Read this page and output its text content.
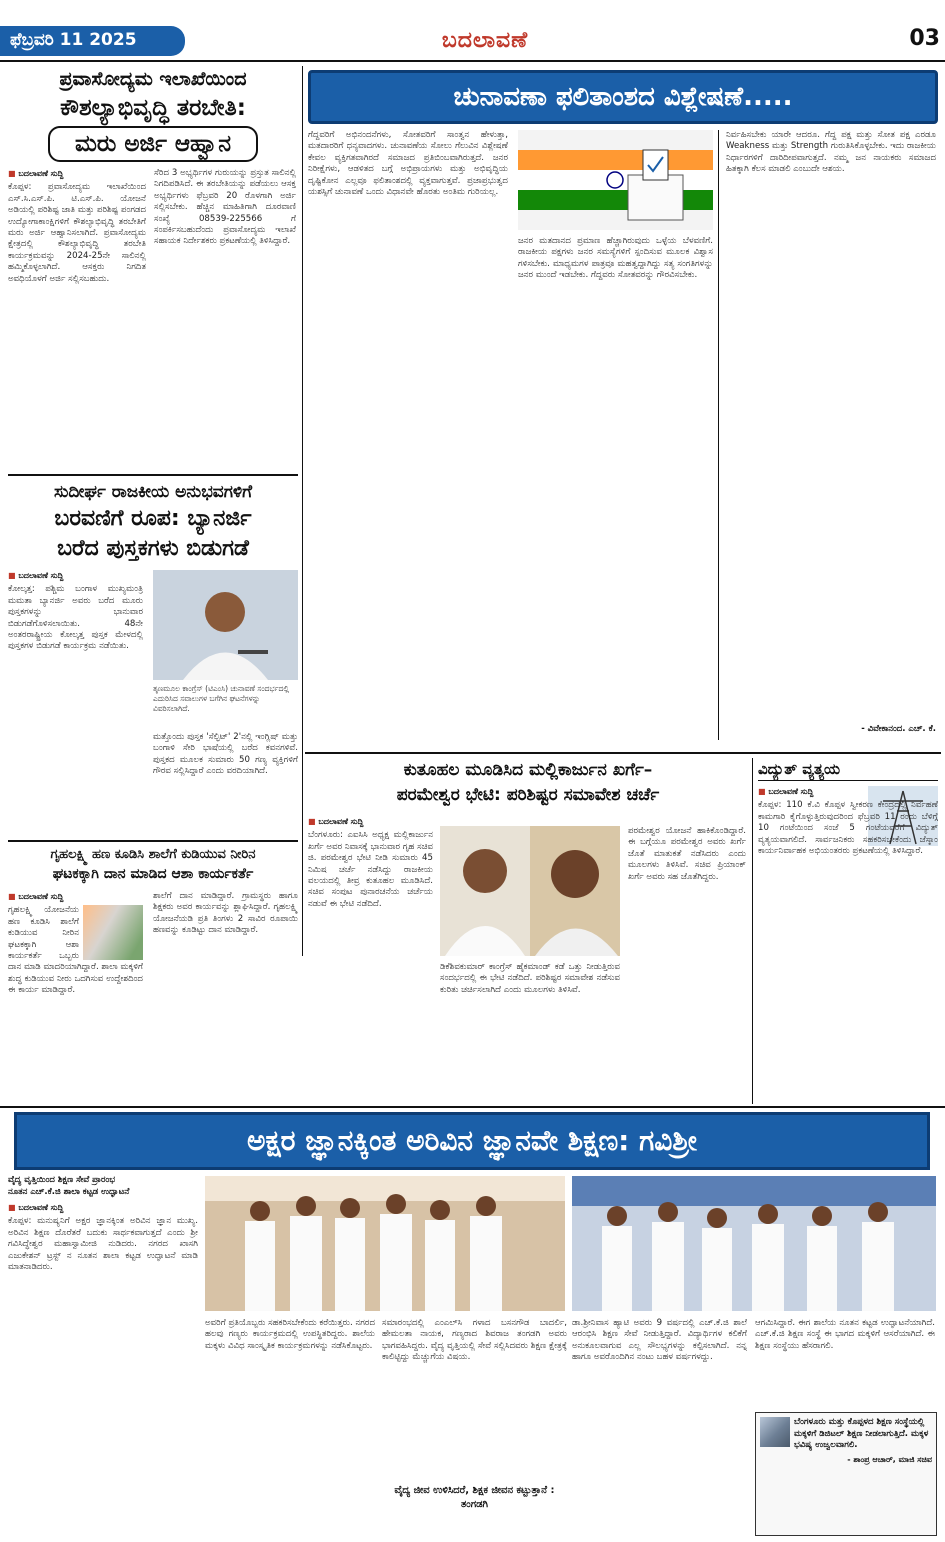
ಫೆಬ್ರವರಿ 11 2025	ಬದಲಾವಣೆ	03
ಪ್ರವಾಸೋದ್ಯಮ ಇಲಾಖೆಯಿಂದ
ಕೌಶಲ್ಯಾಭಿವೃದ್ಧಿ ತರಬೇತಿ:
ಮರು ಅರ್ಜಿ ಆಹ್ವಾನ
■ ಬದಲಾವಣೆ ಸುದ್ದಿ

ಕೊಪ್ಪಳ: ಪ್ರವಾಸೋದ್ಯಮ ಇಲಾಖೆಯಿಂದ ಎಸ್.ಸಿ.ಎಸ್.ಪಿ. ಟಿ.ಎಸ್.ಪಿ. ಯೋಜನೆ ಅಡಿಯಲ್ಲಿ ಪರಿಶಿಷ್ಟ ಜಾತಿ ಮತ್ತು ಪರಿಶಿಷ್ಟ ಪಂಗಡದ ಉದ್ಯೋಗಾಕಾಂಕ್ಷಿಗಳಿಗೆ ಕೌಶಲ್ಯಾಭಿವೃದ್ಧಿ ತರಬೇತಿಗೆ ಮರು ಅರ್ಜಿ ಆಹ್ವಾನಿಸಲಾಗಿದೆ. ಪ್ರವಾಸೋದ್ಯಮ ಕ್ಷೇತ್ರದಲ್ಲಿ ಕೌಶಲ್ಯಾಭಿವೃದ್ಧಿ ತರಬೇತಿ ಕಾರ್ಯಕ್ರಮವನ್ನು 2024-25ನೇ ಸಾಲಿನಲ್ಲಿ ಹಮ್ಮಿಕೊಳ್ಳಲಾಗಿದೆ. ಆಸಕ್ತರು ನಿಗದಿತ ಅವಧಿಯೊಳಗೆ ಅರ್ಜಿ ಸಲ್ಲಿಸಬಹುದು.

ಸೆರಿದ 3 ಅಭ್ಯರ್ಥಿಗಳ ಗುರುಯನ್ನು ಪ್ರಸ್ತುತ ಸಾಲಿನಲ್ಲಿ ನಿಗದಿಪಡಿಸಿದೆ. ಈ ತರಬೇತಿಯನ್ನು ಪಡೆಯಲು ಆಸಕ್ತ ಅಭ್ಯರ್ಥಿಗಳು ಫೆಬ್ರವರಿ 20 ರೊಳಗಾಗಿ ಅರ್ಜಿ ಸಲ್ಲಿಸಬೇಕು. ಹೆಚ್ಚಿನ ಮಾಹಿತಿಗಾಗಿ ದೂರವಾಣಿ ಸಂಖ್ಯೆ 08539-225566 ಗೆ ಸಂಪರ್ಕಿಸಬಹುದೆಂದು ಪ್ರವಾಸೋದ್ಯಮ ಇಲಾಖೆ ಸಹಾಯಕ ನಿರ್ದೇಶಕರು ಪ್ರಕಟಣೆಯಲ್ಲಿ ತಿಳಿಸಿದ್ದಾರೆ.

ಚುನಾವಣಾ ಫಲಿತಾಂಶದ ವಿಶ್ಲೇಷಣೆ.....
ಗೆದ್ದವರಿಗೆ ಅಭಿನಂದನೆಗಳು, ಸೋತವರಿಗೆ ಸಾಂತ್ವನ ಹೇಳುತ್ತಾ, ಮತದಾರರಿಗೆ ಧನ್ಯವಾದಗಳು. ಚುನಾವಣೆಯ ಸೋಲು ಗೆಲುವಿನ ವಿಶ್ಲೇಷಣೆ ಕೇವಲ ವ್ಯಕ್ತಿಗತವಾಗಿರದೆ ಸಮಾಜದ ಪ್ರತಿಬಿಂಬವಾಗಿರುತ್ತದೆ. ಜನರ ನಿರೀಕ್ಷೆಗಳು, ಆಡಳಿತದ ಬಗ್ಗೆ ಅಭಿಪ್ರಾಯಗಳು ಮತ್ತು ಅಭಿವೃದ್ಧಿಯ ದೃಷ್ಟಿಕೋನ ಎಲ್ಲವೂ ಫಲಿತಾಂಶದಲ್ಲಿ ವ್ಯಕ್ತವಾಗುತ್ತವೆ. ಪ್ರಜಾಪ್ರಭುತ್ವದ ಯಶಸ್ಸಿಗೆ ಚುನಾವಣೆ ಒಂದು ವಿಧಾನವೇ ಹೊರತು ಅಂತಿಮ ಗುರಿಯಲ್ಲ.
ಜನರ ಮತದಾನದ ಪ್ರಮಾಣ ಹೆಚ್ಚಾಗಿರುವುದು ಒಳ್ಳೆಯ ಬೆಳವಣಿಗೆ. ರಾಜಕೀಯ ಪಕ್ಷಗಳು ಜನರ ಸಮಸ್ಯೆಗಳಿಗೆ ಸ್ಪಂದಿಸುವ ಮೂಲಕ ವಿಶ್ವಾಸ ಗಳಿಸಬೇಕು. ಮಾಧ್ಯಮಗಳ ಪಾತ್ರವೂ ಮಹತ್ವದ್ದಾಗಿದ್ದು ಸತ್ಯ ಸಂಗತಿಗಳನ್ನು ಜನರ ಮುಂದೆ ಇಡಬೇಕು. ಗೆದ್ದವರು ಸೋತವರನ್ನು ಗೌರವಿಸಬೇಕು.
ನಿರ್ವಹಿಸಬೇಕು ಯಾರೇ ಆದರೂ. ಗೆದ್ದ ಪಕ್ಷ ಮತ್ತು ಸೋತ ಪಕ್ಷ ಎರಡೂ Weakness ಮತ್ತು Strength ಗುರುತಿಸಿಕೊಳ್ಳಬೇಕು. ಇದು ರಾಜಕೀಯ ನಿರ್ಧಾರಗಳಿಗೆ ದಾರಿದೀಪವಾಗುತ್ತದೆ. ನಮ್ಮ ಜನ ನಾಯಕರು ಸಮಾಜದ ಹಿತಕ್ಕಾಗಿ ಕೆಲಸ ಮಾಡಲಿ ಎಂಬುದೇ ಆಶಯ.
- ವಿವೇಕಾನಂದ. ಎಚ್. ಕೆ.
ಸುದೀರ್ಘ ರಾಜಕೀಯ ಅನುಭವಗಳಿಗೆ
ಬರವಣಿಗೆ ರೂಪ: ಬ್ಯಾನರ್ಜಿ
ಬರೆದ ಪುಸ್ತಕಗಳು ಬಿಡುಗಡೆ
■ ಬದಲಾವಣೆ ಸುದ್ದಿ

ಕೋಲ್ಕತ್ತ: ಪಶ್ಚಿಮ ಬಂಗಾಳ ಮುಖ್ಯಮಂತ್ರಿ ಮಮತಾ ಬ್ಯಾನರ್ಜಿ ಅವರು ಬರೆದ ಮೂರು ಪುಸ್ತಕಗಳನ್ನು ಭಾನುವಾರ ಬಿಡುಗಡೆಗೊಳಿಸಲಾಯಿತು. 48ನೇ ಅಂತರರಾಷ್ಟ್ರೀಯ ಕೋಲ್ಕತ್ತ ಪುಸ್ತಕ ಮೇಳದಲ್ಲಿ ಪುಸ್ತಕಗಳ ಬಿಡುಗಡೆ ಕಾರ್ಯಕ್ರಮ ನಡೆಯಿತು.

ತೃಣಮೂಲ ಕಾಂಗ್ರೆಸ್ (ಟಿಎಂಸಿ) ಚುನಾವಣೆ ಸಂದರ್ಭದಲ್ಲಿ ಎದುರಿಸಿದ ಸವಾಲುಗಳ ಬಗೆಗಿನ ಘಟನೆಗಳನ್ನು ವಿವರಿಸಲಾಗಿದೆ.
ಮತ್ತೊಂದು ಪುಸ್ತಕ 'ಸೆಲ್ಫಿಟ್' 2'ನಲ್ಲಿ ಇಂಗ್ಲಿಷ್ ಮತ್ತು ಬಂಗಾಳಿ ಸೇರಿ ಭಾಷೆಯಲ್ಲಿ ಬರೆದ ಕವನಗಳಿವೆ. ಪುಸ್ತಕದ ಮೂಲಕ ಸುಮಾರು 50 ಗಣ್ಯ ವ್ಯಕ್ತಿಗಳಿಗೆ ಗೌರವ ಸಲ್ಲಿಸಿದ್ದಾರೆ ಎಂದು ವರದಿಯಾಗಿದೆ.
ಗೃಹಲಕ್ಷ್ಮಿ ಹಣ ಕೂಡಿಸಿ ಶಾಲೆಗೆ ಕುಡಿಯುವ ನೀರಿನ
ಘಟಕಕ್ಕಾಗಿ ದಾನ ಮಾಡಿದ ಆಶಾ ಕಾರ್ಯಕರ್ತೆ
■ ಬದಲಾವಣೆ ಸುದ್ದಿ

ಗೃಹಲಕ್ಷ್ಮಿ ಯೋಜನೆಯ ಹಣ ಕೂಡಿಸಿ ಶಾಲೆಗೆ ಕುಡಿಯುವ ನೀರಿನ ಘಟಕಕ್ಕಾಗಿ ಆಶಾ ಕಾರ್ಯಕರ್ತೆ ಒಬ್ಬರು ದಾನ ಮಾಡಿ ಮಾದರಿಯಾಗಿದ್ದಾರೆ. ಶಾಲಾ ಮಕ್ಕಳಿಗೆ ಶುದ್ಧ ಕುಡಿಯುವ ನೀರು ಒದಗಿಸುವ ಉದ್ದೇಶದಿಂದ ಈ ಕಾರ್ಯ ಮಾಡಿದ್ದಾರೆ.

ಶಾಲೆಗೆ ದಾನ ಮಾಡಿದ್ದಾರೆ. ಗ್ರಾಮಸ್ಥರು ಹಾಗೂ ಶಿಕ್ಷಕರು ಅವರ ಕಾರ್ಯವನ್ನು ಶ್ಲಾಘಿಸಿದ್ದಾರೆ. ಗೃಹಲಕ್ಷ್ಮಿ ಯೋಜನೆಯಡಿ ಪ್ರತಿ ತಿಂಗಳು 2 ಸಾವಿರ ರೂಪಾಯಿ ಹಣವನ್ನು ಕೂಡಿಟ್ಟು ದಾನ ಮಾಡಿದ್ದಾರೆ.
ಕುತೂಹಲ ಮೂಡಿಸಿದ ಮಲ್ಲಿಕಾರ್ಜುನ ಖರ್ಗೆ–
ಪರಮೇಶ್ವರ ಭೇಟಿ: ಪರಿಶಿಷ್ಟರ ಸಮಾವೇಶ ಚರ್ಚೆ
■ ಬದಲಾವಣೆ ಸುದ್ದಿ

ಬೆಂಗಳೂರು: ಎಐಸಿಸಿ ಅಧ್ಯಕ್ಷ ಮಲ್ಲಿಕಾರ್ಜುನ ಖರ್ಗೆ ಅವರ ನಿವಾಸಕ್ಕೆ ಭಾನುವಾರ ಗೃಹ ಸಚಿವ ಜಿ. ಪರಮೇಶ್ವರ ಭೇಟಿ ನೀಡಿ ಸುಮಾರು 45 ನಿಮಿಷ ಚರ್ಚೆ ನಡೆಸಿದ್ದು ರಾಜಕೀಯ ವಲಯದಲ್ಲಿ ತೀವ್ರ ಕುತೂಹಲ ಮೂಡಿಸಿದೆ. ಸಚಿವ ಸಂಪುಟ ಪುನಾರಚನೆಯ ಚರ್ಚೆಯ ನಡುವೆ ಈ ಭೇಟಿ ನಡೆದಿದೆ.

ಡಿಕೆಶಿವಕುಮಾರ್ ಕಾಂಗ್ರೆಸ್ ಹೈಕಮಾಂಡ್ ಕಡೆ ಒತ್ತು ನೀಡುತ್ತಿರುವ ಸಂದರ್ಭದಲ್ಲಿ ಈ ಭೇಟಿ ನಡೆದಿದೆ. ಪರಿಶಿಷ್ಟರ ಸಮಾವೇಶ ನಡೆಸುವ ಕುರಿತು ಚರ್ಚಿಸಲಾಗಿದೆ ಎಂದು ಮೂಲಗಳು ತಿಳಿಸಿವೆ.
ಪರಮೇಶ್ವರ ಯೋಜನೆ ಹಾಕಿಕೊಂಡಿದ್ದಾರೆ. ಈ ಬಗ್ಗೆಯೂ ಪರಮೇಶ್ವರ ಅವರು ಖರ್ಗೆ ಜೊತೆ ಮಾತುಕತೆ ನಡೆಸಿದರು ಎಂದು ಮೂಲಗಳು ತಿಳಿಸಿವೆ. ಸಚಿವ ಪ್ರಿಯಾಂಕ್ ಖರ್ಗೆ ಅವರು ಸಹ ಜೊತೆಗಿದ್ದರು.
ವಿದ್ಯುತ್ ವ್ಯತ್ಯಯ
■ ಬದಲಾವಣೆ ಸುದ್ದಿ

ಕೊಪ್ಪಳ: 110 ಕೆ.ವಿ ಕೊಪ್ಪಳ ಸ್ವೀಕರಣ ಕೇಂದ್ರದಲ್ಲಿ ನಿರ್ವಹಣೆ ಕಾಮಗಾರಿ ಕೈಗೊಳ್ಳುತ್ತಿರುವುದರಿಂದ ಫೆಬ್ರವರಿ 11 ರಂದು ಬೆಳಿಗ್ಗೆ 10 ಗಂಟೆಯಿಂದ ಸಂಜೆ 5 ಗಂಟೆಯವರೆಗೆ ವಿದ್ಯುತ್ ವ್ಯತ್ಯಯವಾಗಲಿದೆ. ಸಾರ್ವಜನಿಕರು ಸಹಕರಿಸಬೇಕೆಂದು ಜೆಸ್ಕಾಂ ಕಾರ್ಯನಿರ್ವಾಹಕ ಅಭಿಯಂತರರು ಪ್ರಕಟಣೆಯಲ್ಲಿ ತಿಳಿಸಿದ್ದಾರೆ.

ಅಕ್ಷರ ಜ್ಞಾನಕ್ಕಿಂತ ಅರಿವಿನ ಜ್ಞಾನವೇ ಶಿಕ್ಷಣ: ಗವಿಶ್ರೀ
ವೈದ್ಯ ವೃತ್ತಿಯಿಂದ ಶಿಕ್ಷಣ ಸೇವೆ ಪ್ರಾರಂಭ
ನೂತನ ಎಚ್.ಕೆ.ಜಿ ಶಾಲಾ ಕಟ್ಟಡ ಉದ್ಘಾಟನೆ
■ ಬದಲಾವಣೆ ಸುದ್ದಿ

ಕೊಪ್ಪಳ: ಮನುಷ್ಯನಿಗೆ ಅಕ್ಷರ ಜ್ಞಾನಕ್ಕಿಂತ ಅರಿವಿನ ಜ್ಞಾನ ಮುಖ್ಯ. ಅರಿವಿನ ಶಿಕ್ಷಣ ದೊರೆತರೆ ಬದುಕು ಸಾರ್ಥಕವಾಗುತ್ತದೆ ಎಂದು ಶ್ರೀ ಗವಿಸಿದ್ಧೇಶ್ವರ ಮಹಾಸ್ವಾಮೀಜಿ ನುಡಿದರು. ನಗರದ ಖಾಸಗಿ ಎಜುಕೇಶನ್ ಟ್ರಸ್ಟ್ ನ ನೂತನ ಶಾಲಾ ಕಟ್ಟಡ ಉದ್ಘಾಟನೆ ಮಾಡಿ ಮಾತನಾಡಿದರು.

ಅವರಿಗೆ ಪ್ರತಿಯೊಬ್ಬರು ಸಹಕರಿಸಬೇಕೆಂದು ಕರೆಯಿತ್ತರು. ನಗರದ ಹಲವು ಗಣ್ಯರು ಕಾರ್ಯಕ್ರಮದಲ್ಲಿ ಉಪಸ್ಥಿತರಿದ್ದರು. ಶಾಲೆಯ ಮಕ್ಕಳು ವಿವಿಧ ಸಾಂಸ್ಕೃತಿಕ ಕಾರ್ಯಕ್ರಮಗಳನ್ನು ನಡೆಸಿಕೊಟ್ಟರು.
ಸಮಾರಂಭದಲ್ಲಿ ಎಂಎಲ್‌ಸಿ ಗಳಾದ ಬಸನಗೌಡ ಬಾದರ್ಲಿ, ಹೇಮಲತಾ ನಾಯಕ, ಗಣ್ಯರಾದ ಶಿವರಾಜ ತಂಗಡಗಿ ಅವರು ಭಾಗವಹಿಸಿದ್ದರು. ವೈದ್ಯ ವೃತ್ತಿಯಲ್ಲಿ ಸೇವೆ ಸಲ್ಲಿಸಿದವರು ಶಿಕ್ಷಣ ಕ್ಷೇತ್ರಕ್ಕೆ ಕಾಲಿಟ್ಟಿದ್ದು ಮೆಚ್ಚುಗೆಯ ವಿಷಯ.
ವೈದ್ಯ ಜೀವ ಉಳಿಸಿದರೆ, ಶಿಕ್ಷಕ ಜೀವನ ಕಟ್ಟುತ್ತಾನೆ : ತಂಗಡಗಿ
ಡಾ.ಶ್ರೀನಿವಾಸ ಹ್ಯಾಟಿ ಅವರು 9 ವರ್ಷದಲ್ಲಿ ಎಚ್.ಕೆ.ಜಿ ಶಾಲೆ ಆರಂಭಿಸಿ ಶಿಕ್ಷಣ ಸೇವೆ ನೀಡುತ್ತಿದ್ದಾರೆ. ವಿದ್ಯಾರ್ಥಿಗಳ ಕಲಿಕೆಗೆ ಅನುಕೂಲವಾಗುವ ಎಲ್ಲ ಸೌಲಭ್ಯಗಳನ್ನು ಕಲ್ಪಿಸಲಾಗಿದೆ. ನನ್ನ ಹಾಗೂ ಅವರೊಂದಿಗಿನ ನಂಟು ಬಹಳ ವರ್ಷಗಳದ್ದು.
ಆಗಮಿಸಿದ್ದಾರೆ. ಈಗ ಶಾಲೆಯ ನೂತನ ಕಟ್ಟಡ ಉದ್ಘಾಟನೆಯಾಗಿದೆ. ಎಚ್.ಕೆ.ಜಿ ಶಿಕ್ಷಣ ಸಂಸ್ಥೆ ಈ ಭಾಗದ ಮಕ್ಕಳಿಗೆ ಆಸರೆಯಾಗಿದೆ. ಈ ಶಿಕ್ಷಣ ಸಂಸ್ಥೆಯು ಹೆಸರಾಗಲಿ.
ಬೆಂಗಳೂರು ಮತ್ತು ಕೊಪ್ಪಳದ ಶಿಕ್ಷಣ ಸಂಸ್ಥೆಯಲ್ಲಿ ಮಕ್ಕಳಿಗೆ ಡಿಜಿಟಲ್ ಶಿಕ್ಷಣ ನೀಡಲಾಗುತ್ತಿದೆ. ಮಕ್ಕಳ ಭವಿಷ್ಯ ಉಜ್ವಲವಾಗಲಿ.
- ಶಾಂಪ್ರ ಆಚಾರ್, ಮಾಜಿ ಸಚಿವ
